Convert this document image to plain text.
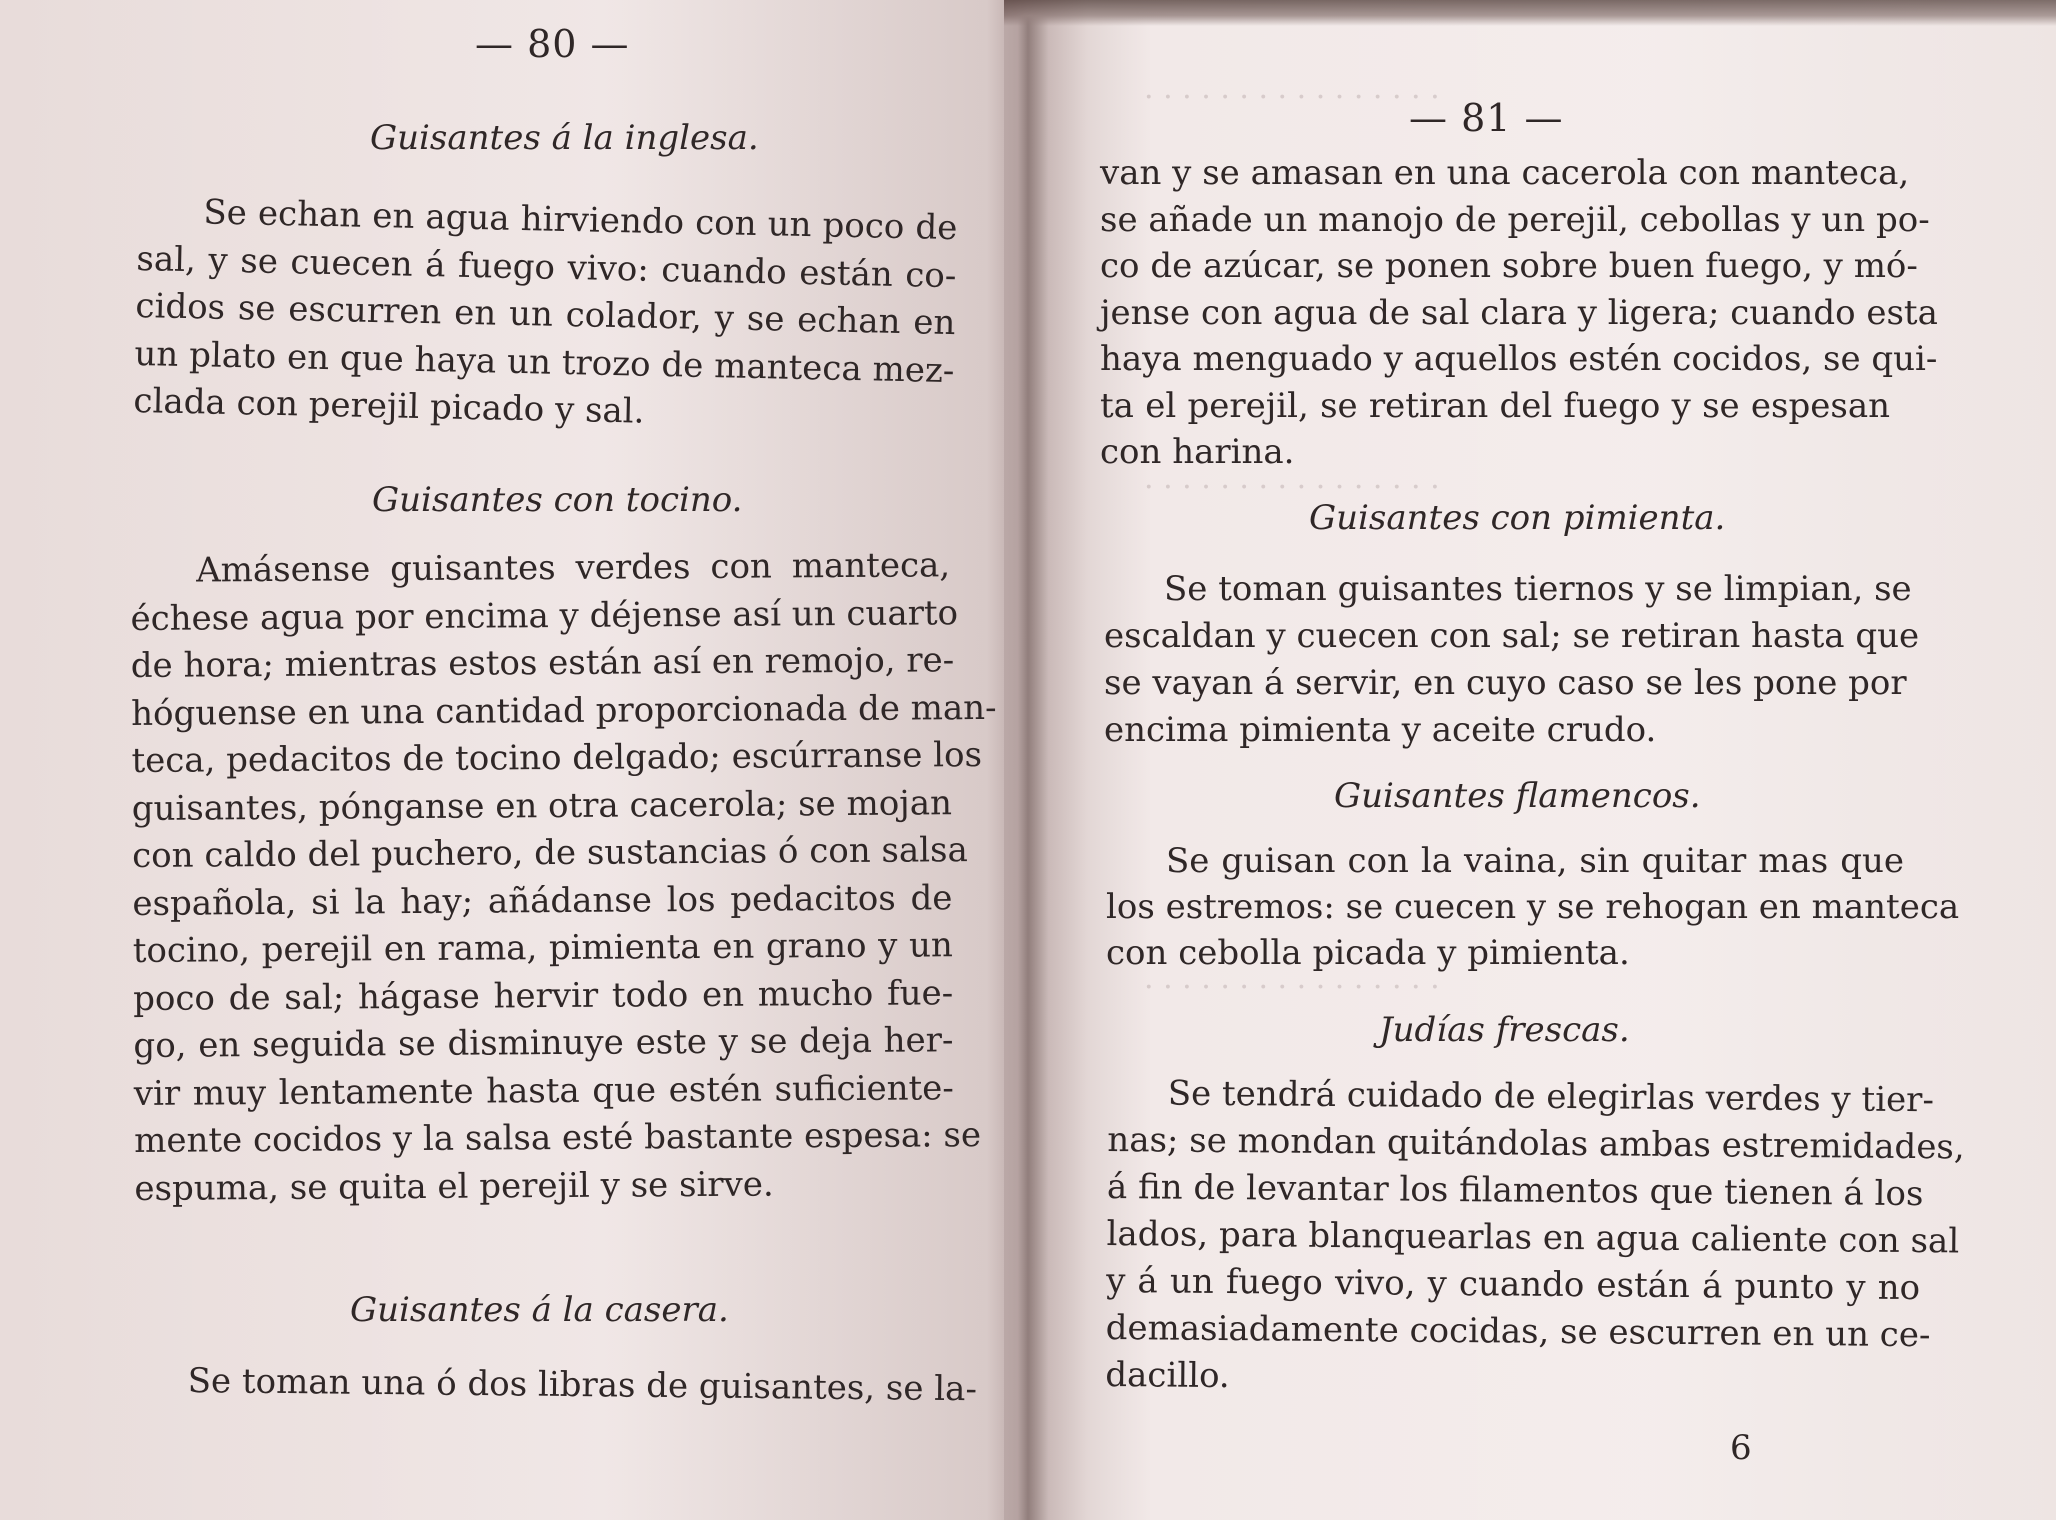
— 80 —
Guisantes á la inglesa.
Se echan en agua hirviendo con un poco de
sal, y se cuecen á fuego vivo: cuando están co-
cidos se escurren en un colador, y se echan en
un plato en que haya un trozo de manteca mez-
clada con perejil picado y sal.
Guisantes con tocino.
Amásense guisantes verdes con manteca,
échese agua por encima y déjense así un cuarto
de hora; mientras estos están así en remojo, re-
hóguense en una cantidad proporcionada de man-
teca, pedacitos de tocino delgado; escúrranse los
guisantes, pónganse en otra cacerola; se mojan
con caldo del puchero, de sustancias ó con salsa
española, si la hay; añádanse los pedacitos de
tocino, perejil en rama, pimienta en grano y un
poco de sal; hágase hervir todo en mucho fue-
go, en seguida se disminuye este y se deja her-
vir muy lentamente hasta que estén suficiente-
mente cocidos y la salsa esté bastante espesa: se
espuma, se quita el perejil y se sirve.
Guisantes á la casera.
Se toman una ó dos libras de guisantes, se la-
· · · · · · · · · · · · · · · ·
· · · · · · · · · · · · · · · ·
· · · · · · · · · · · · · · · ·
— 81 —
van y se amasan en una cacerola con manteca,
se añade un manojo de perejil, cebollas y un po-
co de azúcar, se ponen sobre buen fuego, y mó-
jense con agua de sal clara y ligera; cuando esta
haya menguado y aquellos estén cocidos, se qui-
ta el perejil, se retiran del fuego y se espesan
con harina.
Guisantes con pimienta.
Se toman guisantes tiernos y se limpian, se
escaldan y cuecen con sal; se retiran hasta que
se vayan á servir, en cuyo caso se les pone por
encima pimienta y aceite crudo.
Guisantes flamencos.
Se guisan con la vaina, sin quitar mas que
los estremos: se cuecen y se rehogan en manteca
con cebolla picada y pimienta.
Judías frescas.
Se tendrá cuidado de elegirlas verdes y tier-
nas; se mondan quitándolas ambas estremidades,
á fin de levantar los filamentos que tienen á los
lados, para blanquearlas en agua caliente con sal
y á un fuego vivo, y cuando están á punto y no
demasiadamente cocidas, se escurren en un ce-
dacillo.
6
